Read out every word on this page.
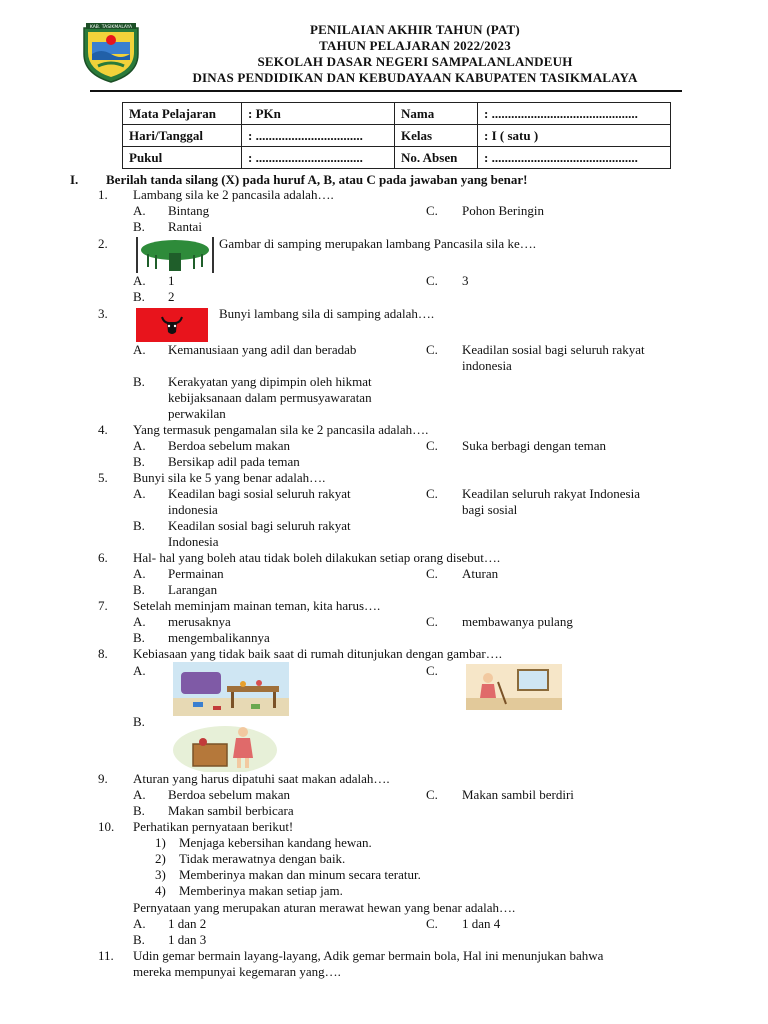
KAB. TASIKMALAYA	PENILAIAN AKHIR TAHUN (PAT)
TAHUN PELAJARAN 2022/2023
SEKOLAH DASAR NEGERI SAMPALANLANDEUH
DINAS PENDIDIKAN DAN KEBUDAYAAN KABUPATEN TASIKMALAYA
Mata Pelajaran	: PKn	Nama	: .............................................
Hari/Tanggal	: .................................	Kelas	: I ( satu )
Pukul	: .................................	No. Absen	: .............................................
I. Berilah tanda silang (X) pada huruf A, B, atau C pada jawaban yang benar!
1. Lambang sila ke 2 pancasila adalah….
A. Bintang	C. Pohon Beringin
B. Rantai
2.	Gambar di samping merupakan lambang Pancasila sila ke….
A. 1	C. 3
B. 2
3.	Bunyi lambang sila di samping adalah….
A. Kemanusiaan yang adil dan beradab	C. Keadilan sosial bagi seluruh rakyat
indonesia
B. Kerakyatan yang dipimpin oleh hikmat
kebijaksanaan dalam permusyawaratan
perwakilan
4. Yang termasuk pengamalan sila ke 2 pancasila adalah….
A. Berdoa sebelum makan	C. Suka berbagi dengan teman
B. Bersikap adil pada teman
5. Bunyi sila ke 5 yang benar adalah….
A. Keadilan bagi sosial seluruh rakyat
indonesia
C. Keadilan seluruh rakyat Indonesia
bagi sosial
B. Keadilan sosial bagi seluruh rakyat
Indonesia
6. Hal- hal yang boleh atau tidak boleh dilakukan setiap orang disebut….
A. Permainan	C. Aturan
B. Larangan
7. Setelah meminjam mainan teman, kita harus….
A. merusaknya	C. membawanya pulang
B. mengembalikannya
8. Kebiasaan yang tidak baik saat di rumah ditunjukan dengan gambar….
A.	C.
B.
9. Aturan yang harus dipatuhi saat makan adalah….
A. Berdoa sebelum makan	C. Makan sambil berdiri
B. Makan sambil berbicara
10. Perhatikan pernyataan berikut!
1) Menjaga kebersihan kandang hewan.
2) Tidak merawatnya dengan baik.
3) Memberinya makan dan minum secara teratur.
4) Memberinya makan setiap jam.
Pernyataan yang merupakan aturan merawat hewan yang benar adalah….
A. 1 dan 2	C. 1 dan 4
B. 1 dan 3
11. Udin gemar bermain layang-layang, Adik gemar bermain bola, Hal ini menunjukan bahwa
mereka mempunyai kegemaran yang….
